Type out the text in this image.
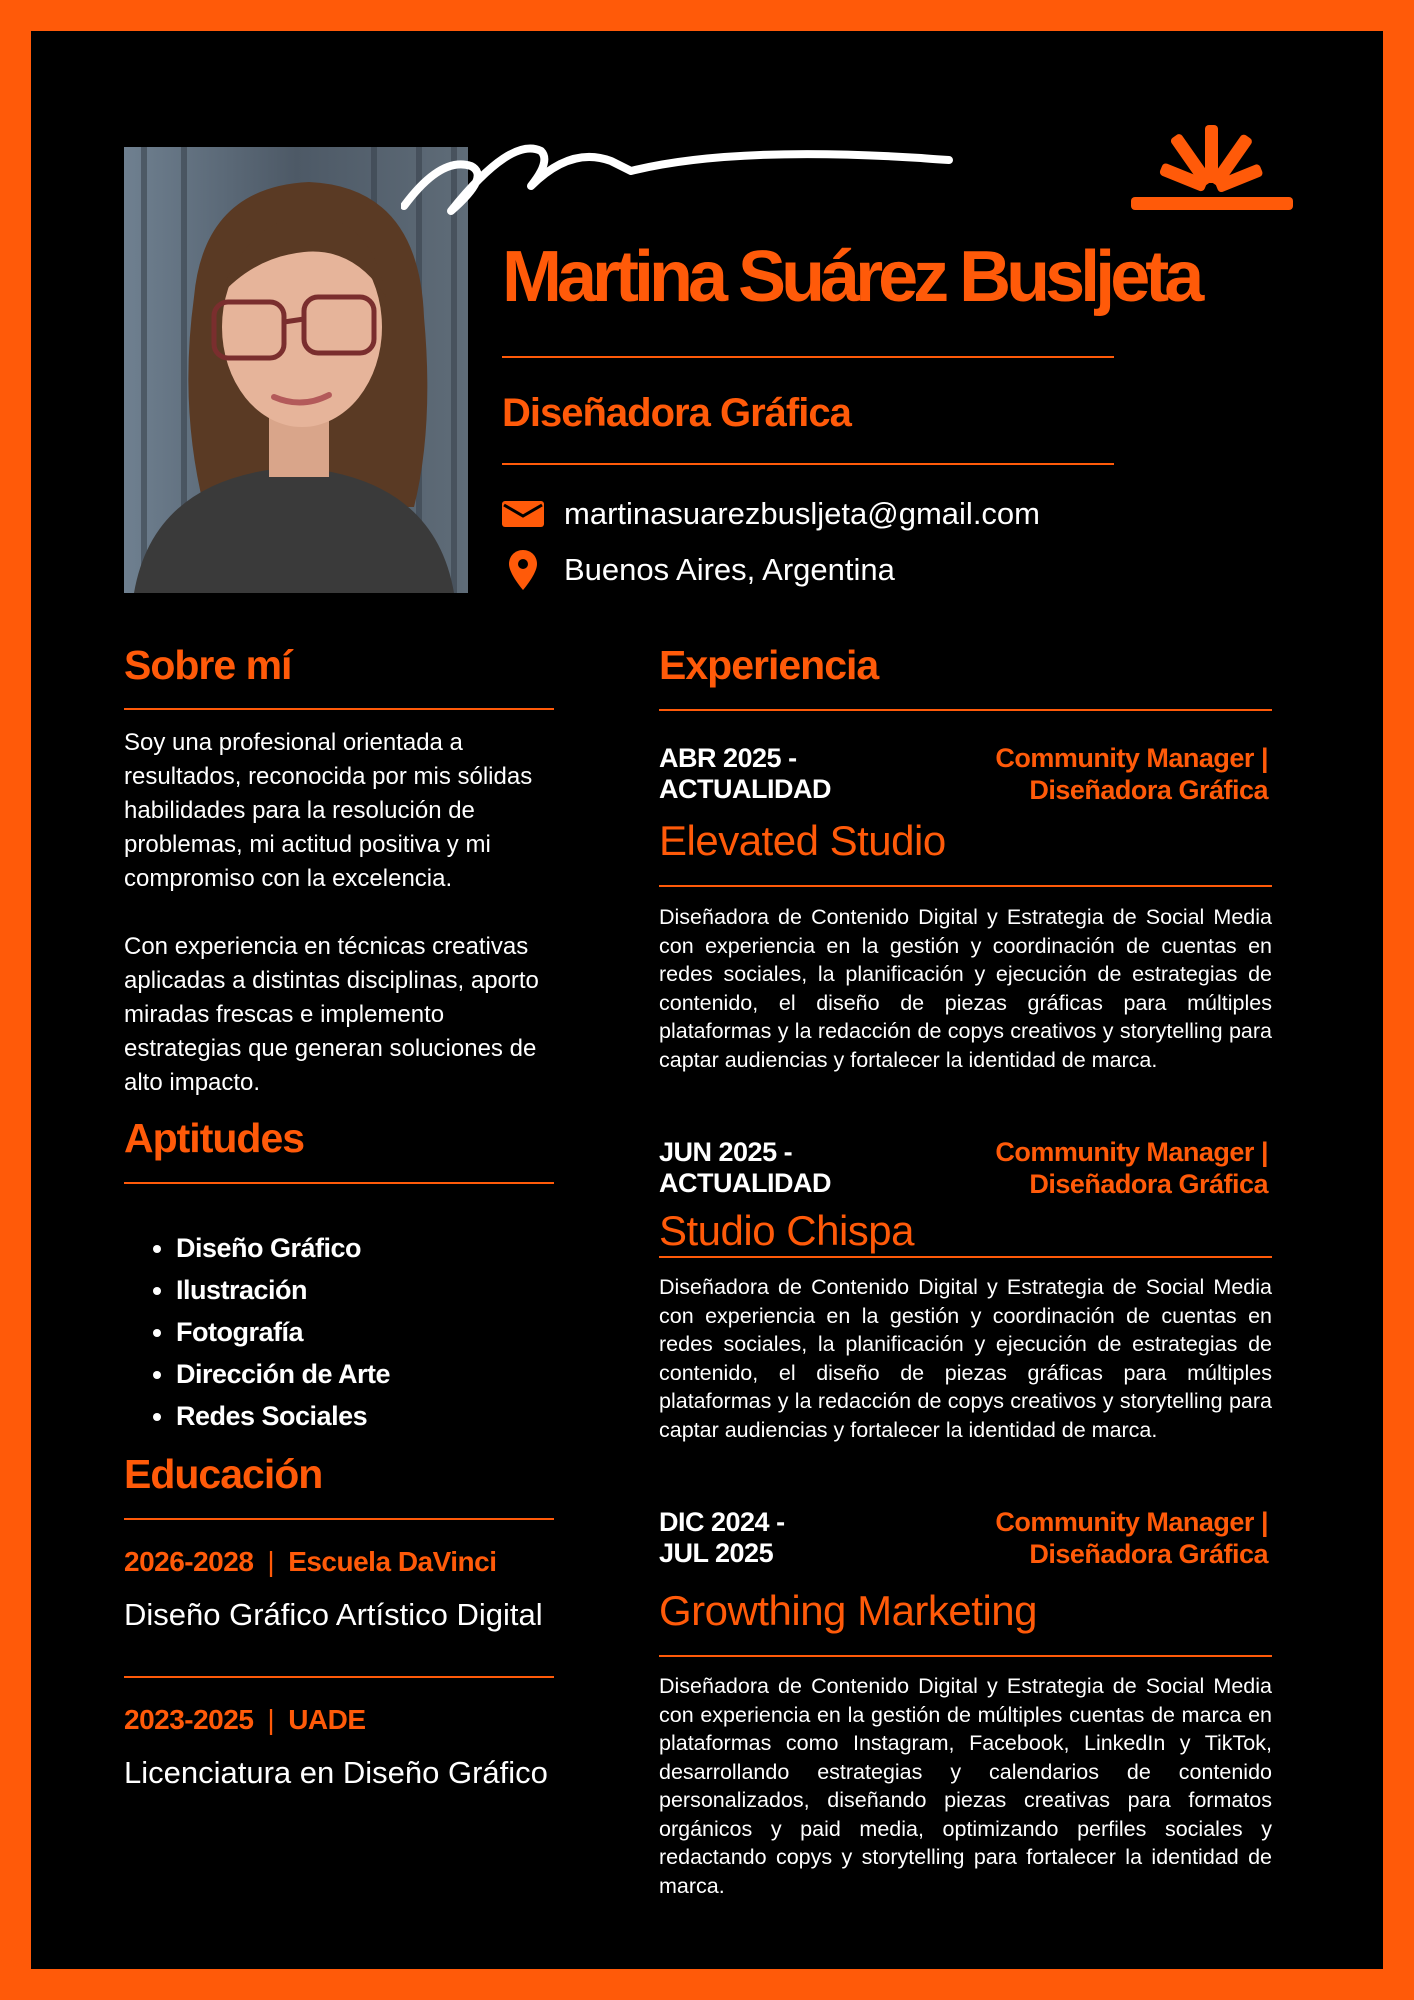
Martina Suárez Busljeta
Diseñadora Gráfica
martinasuarezbusljeta@gmail.com
Buenos Aires, Argentina
Sobre mí
Soy una profesional orientada a resultados, reconocida por mis sólidas habilidades para la resolución de problemas, mi actitud positiva y mi compromiso con la excelencia.
Con experiencia en técnicas creativas aplicadas a distintas disciplinas, aporto miradas frescas e implemento estrategias que generan soluciones de alto impacto.
Aptitudes
• Diseño Gráfico
• Ilustración
• Fotografía
• Dirección de Arte
• Redes Sociales
Educación
2026-2028 | Escuela DaVinci
Diseño Gráfico Artístico Digital
2023-2025 | UADE
Licenciatura en Diseño Gráfico
Experiencia
ABR 2025 -
ACTUALIDAD
Community Manager |
Diseñadora Gráfica
Elevated Studio
Diseñadora de Contenido Digital y Estrategia de Social Media con experiencia en la gestión y coordinación de cuentas en redes sociales, la planificación y ejecución de estrategias de contenido, el diseño de piezas gráficas para múltiples plataformas y la redacción de copys creativos y storytelling para captar audiencias y fortalecer la identidad de marca.
JUN 2025 -
ACTUALIDAD
Community Manager |
Diseñadora Gráfica
Studio Chispa
Diseñadora de Contenido Digital y Estrategia de Social Media con experiencia en la gestión y coordinación de cuentas en redes sociales, la planificación y ejecución de estrategias de contenido, el diseño de piezas gráficas para múltiples plataformas y la redacción de copys creativos y storytelling para captar audiencias y fortalecer la identidad de marca.
DIC 2024 -
JUL 2025
Community Manager |
Diseñadora Gráfica
Growthing Marketing
Diseñadora de Contenido Digital y Estrategia de Social Media con experiencia en la gestión de múltiples cuentas de marca en plataformas como Instagram, Facebook, LinkedIn y TikTok, desarrollando estrategias y calendarios de contenido personalizados, diseñando piezas creativas para formatos orgánicos y paid media, optimizando perfiles sociales y redactando copys y storytelling para fortalecer la identidad de marca.
